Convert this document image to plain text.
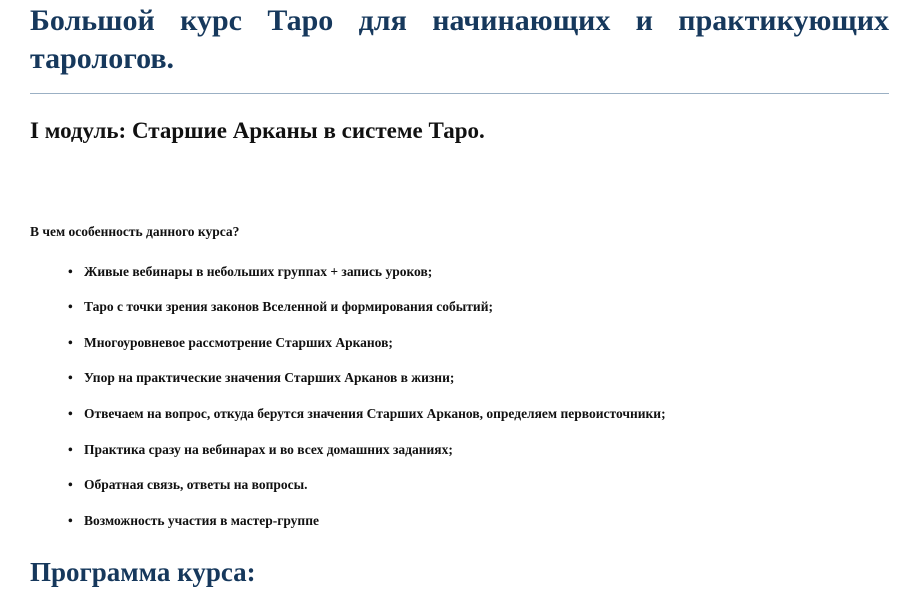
Большой курс Таро для начинающих и практикующих тарологов.
I модуль: Старшие Арканы в системе Таро.

В чем особенность данного курса?

• Живые вебинары в небольших группах + запись уроков;
• Таро с точки зрения законов Вселенной и формирования событий;
• Многоуровневое рассмотрение Старших Арканов;
• Упор на практические значения Старших Арканов в жизни;
• Отвечаем на вопрос, откуда берутся значения Старших Арканов, определяем первоисточники;
• Практика сразу на вебинарах и во всех домашних заданиях;
• Обратная связь, ответы на вопросы.
• Возможность участия в мастер-группе
Программа курса:
